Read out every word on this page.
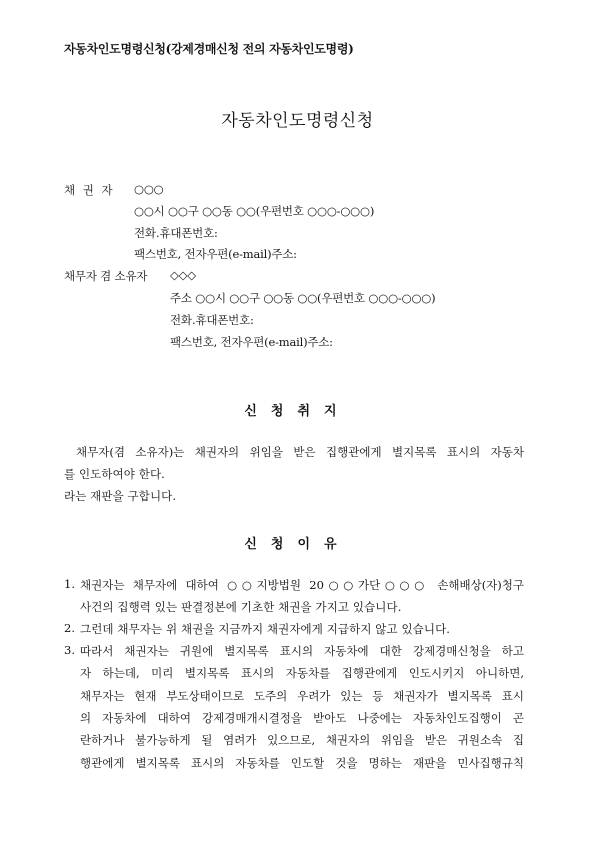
자동차인도명령신청(강제경매신청 전의 자동차인도명령)
자동차인도명령신청
채 권 자 ○○○
○○시 ○○구 ○○동 ○○(우편번호 ○○○-○○○)
전화․휴대폰번호:
팩스번호, 전자우편(e-mail)주소:
채무자 겸 소유자 ◇◇◇
주소 ○○시 ○○구 ○○동 ○○(우편번호 ○○○-○○○)
전화․휴대폰번호:
팩스번호, 전자우편(e-mail)주소:
신청취지
채무자(겸 소유자)는 채권자의 위임을 받은 집행관에게 별지목록 표시의 자동차
를 인도하여야 한다.
라는 재판을 구합니다.
신청이유
1. 채권자는 채무자에 대하여 ○○지방법원 20○○가단○○○ 손해배상(자)청구
사건의 집행력 있는 판결정본에 기초한 채권을 가지고 있습니다.
2. 그런데 채무자는 위 채권을 지금까지 채권자에게 지급하지 않고 있습니다.
3. 따라서 채권자는 귀원에 별지목록 표시의 자동차에 대한 강제경매신청을 하고
자 하는데, 미리 별지목록 표시의 자동차를 집행관에게 인도시키지 아니하면,
채무자는 현재 부도상태이므로 도주의 우려가 있는 등 채권자가 별지목록 표시
의 자동차에 대하여 강제경매개시결정을 받아도 나중에는 자동차인도집행이 곤
란하거나 불가능하게 될 염려가 있으므로, 채권자의 위임을 받은 귀원소속 집
행관에게 별지목록 표시의 자동차를 인도할 것을 명하는 재판을 민사집행규칙
